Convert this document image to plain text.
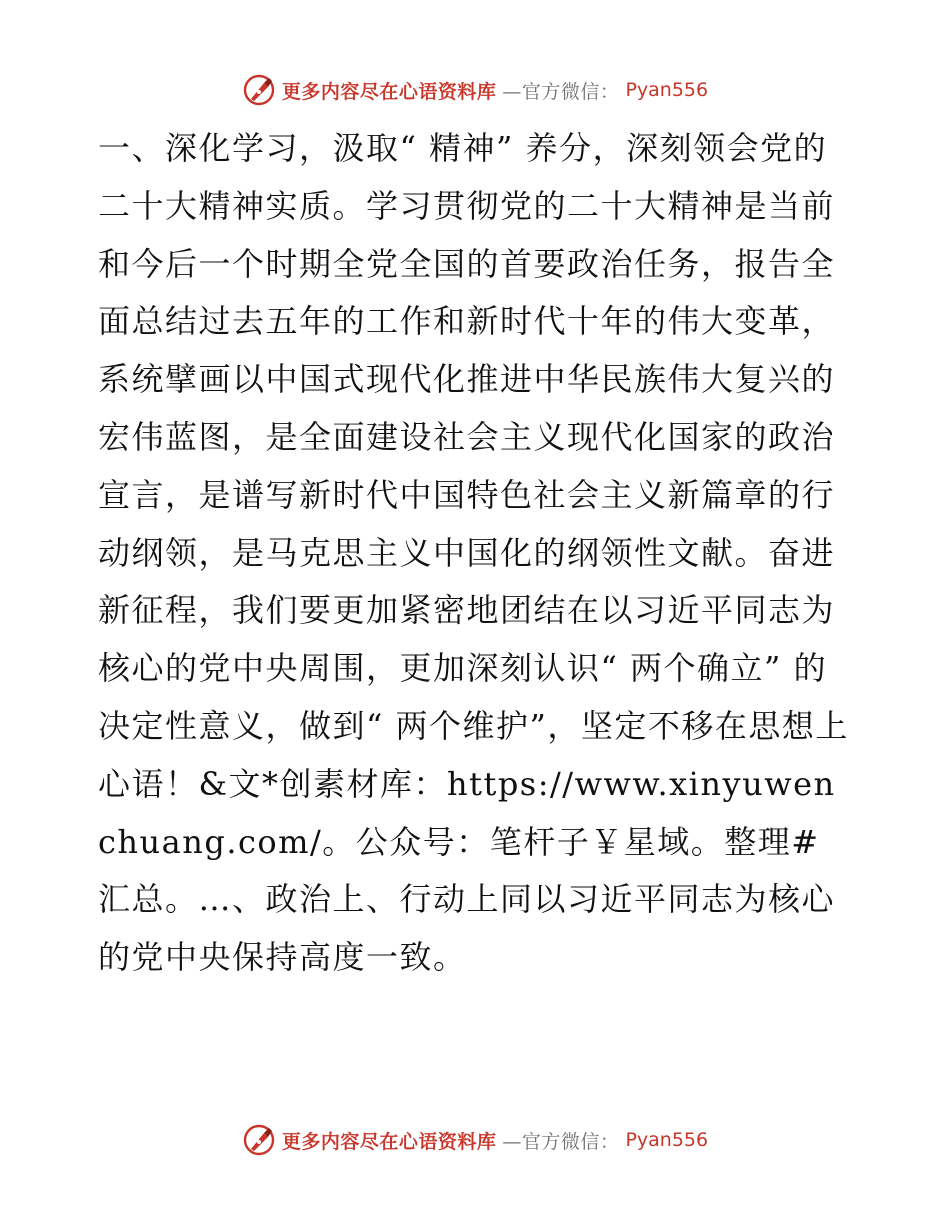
更多内容尽在心语资料库 —官方微信： Pyan556

一、深化学习，汲取“ 精神” 养分，深刻领会党的二十大精神实质。学习贯彻党的二十大精神是当前和今后一个时期全党全国的首要政治任务，报告全面总结过去五年的工作和新时代十年的伟大变革，系统擘画以中国式现代化推进中华民族伟大复兴的宏伟蓝图，是全面建设社会主义现代化国家的政治宣言，是谱写新时代中国特色社会主义新篇章的行动纲领，是马克思主义中国化的纲领性文献。奋进新征程，我们要更加紧密地团结在以习近平同志为核心的党中央周围，更加深刻认识“ 两个确立” 的决定性意义，做到“ 两个维护”，坚定不移在思想上心语！&文*创素材库：https://www.xinyuwenchuang.com/。公众号：笔杆子￥星域。整理#汇总。…、政治上、行动上同以习近平同志为核心的党中央保持高度一致。

更多内容尽在心语资料库 —官方微信： Pyan556
